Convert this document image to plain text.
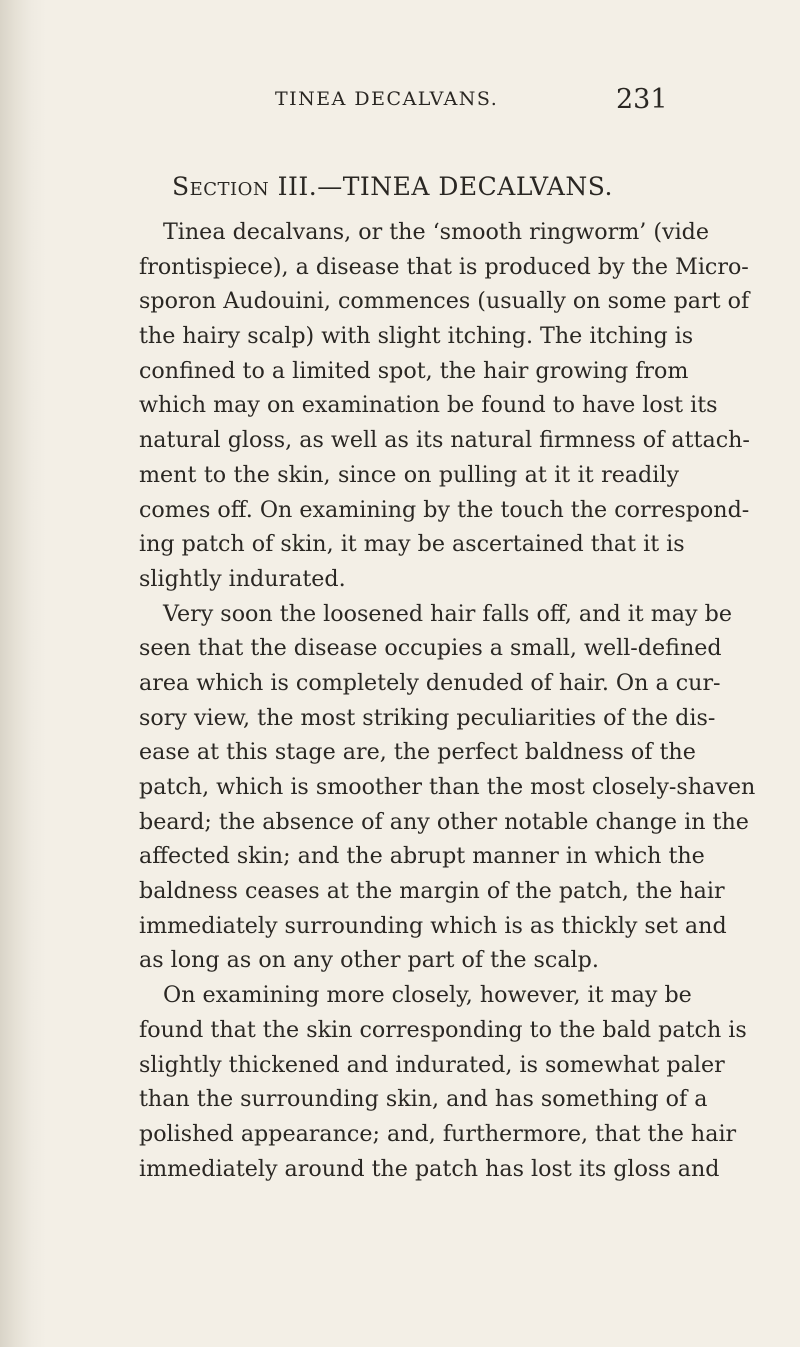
TINEA DECALVANS.	231
Section III.—TINEA DECALVANS.
Tinea decalvans, or the ‘smooth ringworm’ (vide
frontispiece), a disease that is produced by the Micro-
sporon Audouini, commences (usually on some part of
the hairy scalp) with slight itching. The itching is
confined to a limited spot, the hair growing from
which may on examination be found to have lost its
natural gloss, as well as its natural firmness of attach-
ment to the skin, since on pulling at it it readily
comes off. On examining by the touch the correspond-
ing patch of skin, it may be ascertained that it is
slightly indurated.
Very soon the loosened hair falls off, and it may be
seen that the disease occupies a small, well-defined
area which is completely denuded of hair. On a cur-
sory view, the most striking peculiarities of the dis-
ease at this stage are, the perfect baldness of the
patch, which is smoother than the most closely-shaven
beard; the absence of any other notable change in the
affected skin; and the abrupt manner in which the
baldness ceases at the margin of the patch, the hair
immediately surrounding which is as thickly set and
as long as on any other part of the scalp.
On examining more closely, however, it may be
found that the skin corresponding to the bald patch is
slightly thickened and indurated, is somewhat paler
than the surrounding skin, and has something of a
polished appearance; and, furthermore, that the hair
immediately around the patch has lost its gloss and
